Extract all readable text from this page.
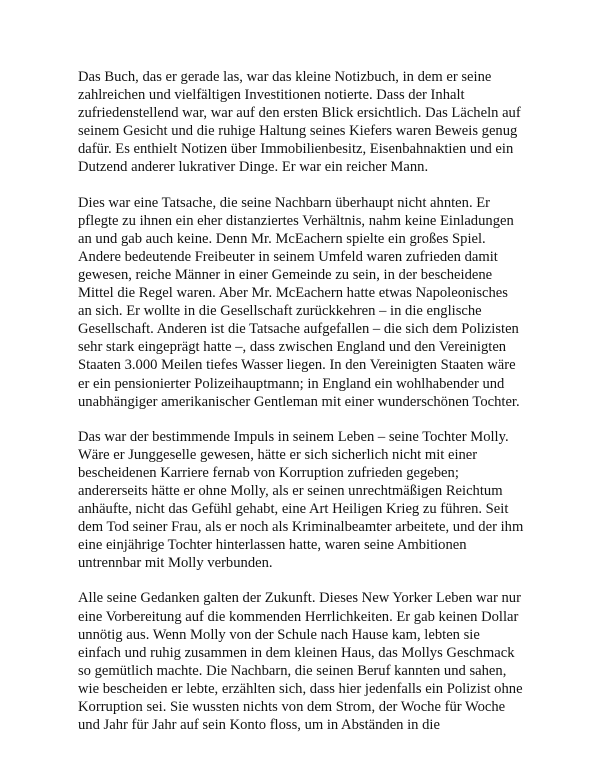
Das Buch, das er gerade las, war das kleine Notizbuch, in dem er seine
zahlreichen und vielfältigen Investitionen notierte. Dass der Inhalt
zufriedenstellend war, war auf den ersten Blick ersichtlich. Das Lächeln auf
seinem Gesicht und die ruhige Haltung seines Kiefers waren Beweis genug
dafür. Es enthielt Notizen über Immobilienbesitz, Eisenbahnaktien und ein
Dutzend anderer lukrativer Dinge. Er war ein reicher Mann.

Dies war eine Tatsache, die seine Nachbarn überhaupt nicht ahnten. Er
pflegte zu ihnen ein eher distanziertes Verhältnis, nahm keine Einladungen
an und gab auch keine. Denn Mr. McEachern spielte ein großes Spiel.
Andere bedeutende Freibeuter in seinem Umfeld waren zufrieden damit
gewesen, reiche Männer in einer Gemeinde zu sein, in der bescheidene
Mittel die Regel waren. Aber Mr. McEachern hatte etwas Napoleonisches
an sich. Er wollte in die Gesellschaft zurückkehren – in die englische
Gesellschaft. Anderen ist die Tatsache aufgefallen – die sich dem Polizisten
sehr stark eingeprägt hatte –, dass zwischen England und den Vereinigten
Staaten 3.000 Meilen tiefes Wasser liegen. In den Vereinigten Staaten wäre
er ein pensionierter Polizeihauptmann; in England ein wohlhabender und
unabhängiger amerikanischer Gentleman mit einer wunderschönen Tochter.

Das war der bestimmende Impuls in seinem Leben – seine Tochter Molly.
Wäre er Junggeselle gewesen, hätte er sich sicherlich nicht mit einer
bescheidenen Karriere fernab von Korruption zufrieden gegeben;
andererseits hätte er ohne Molly, als er seinen unrechtmäßigen Reichtum
anhäufte, nicht das Gefühl gehabt, eine Art Heiligen Krieg zu führen. Seit
dem Tod seiner Frau, als er noch als Kriminalbeamter arbeitete, und der ihm
eine einjährige Tochter hinterlassen hatte, waren seine Ambitionen
untrennbar mit Molly verbunden.

Alle seine Gedanken galten der Zukunft. Dieses New Yorker Leben war nur
eine Vorbereitung auf die kommenden Herrlichkeiten. Er gab keinen Dollar
unnötig aus. Wenn Molly von der Schule nach Hause kam, lebten sie
einfach und ruhig zusammen in dem kleinen Haus, das Mollys Geschmack
so gemütlich machte. Die Nachbarn, die seinen Beruf kannten und sahen,
wie bescheiden er lebte, erzählten sich, dass hier jedenfalls ein Polizist ohne
Korruption sei. Sie wussten nichts von dem Strom, der Woche für Woche
und Jahr für Jahr auf sein Konto floss, um in Abständen in die
